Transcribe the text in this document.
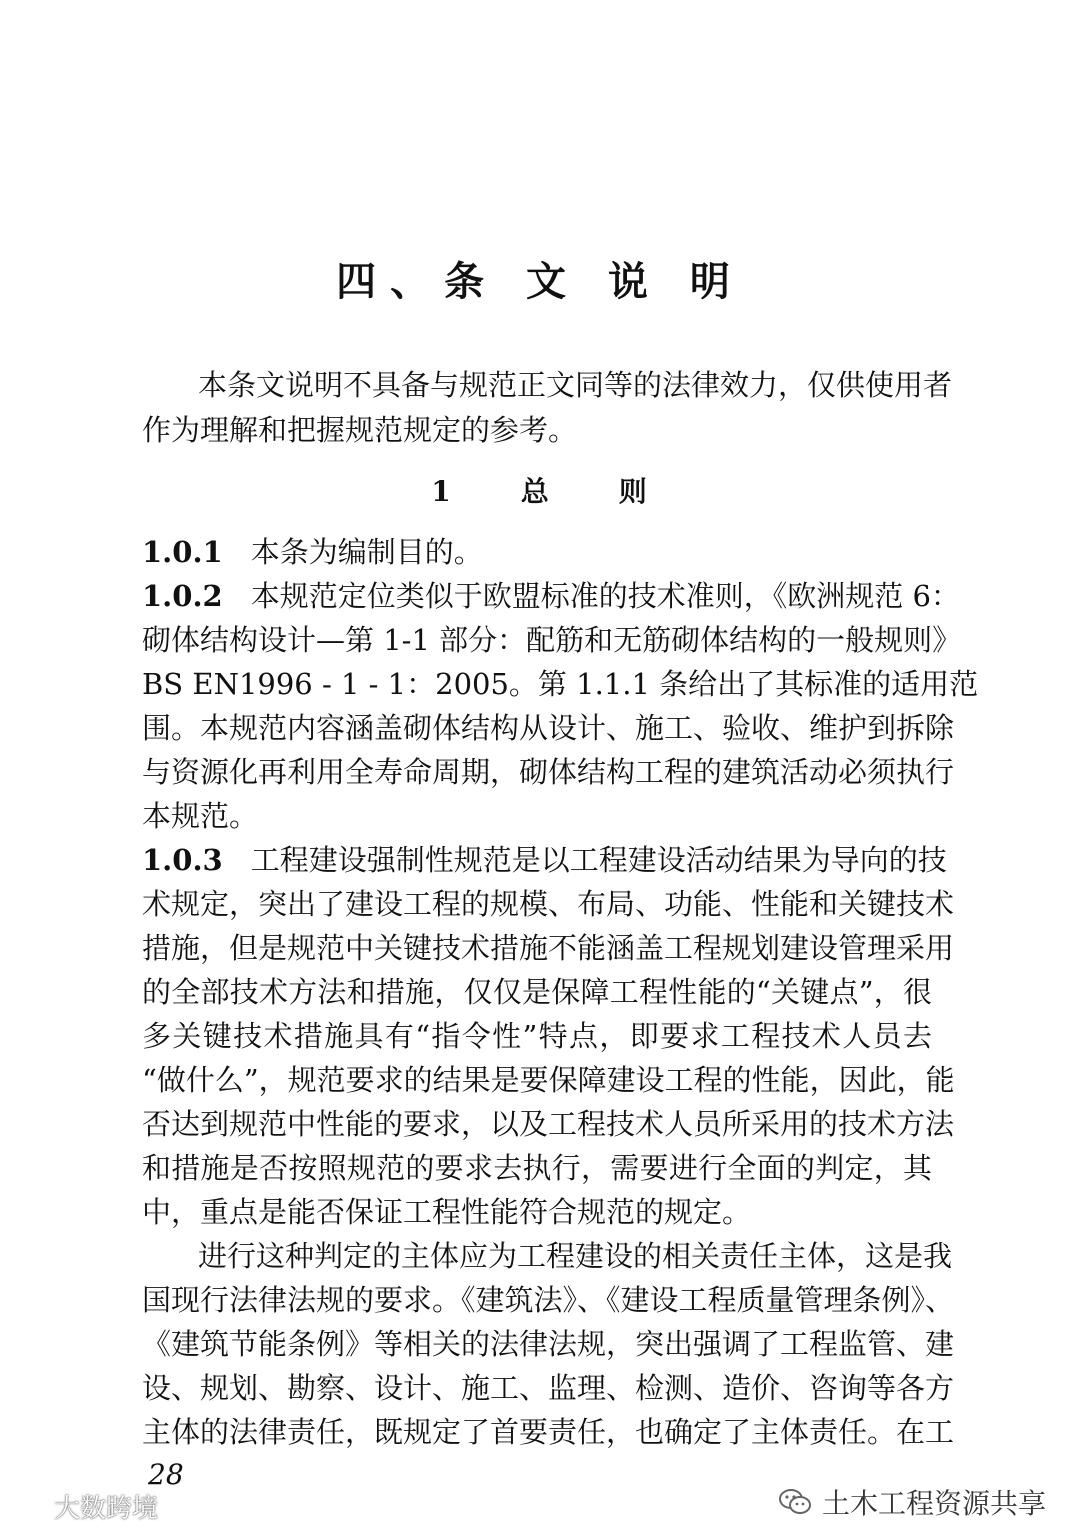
四、条 文 说 明
本条文说明不具备与规范正文同等的法律效力，仅供使用者
作为理解和把握规范规定的参考。
1 总 则
1.0.1 本条为编制目的。
1.0.2 本规范定位类似于欧盟标准的技术准则，《欧洲规范 6：
砌体结构设计—第 1-1 部分：配筋和无筋砌体结构的一般规则》
BS EN1996 - 1 - 1：2005。第 1.1.1 条给出了其标准的适用范
围。本规范内容涵盖砌体结构从设计、施工、验收、维护到拆除
与资源化再利用全寿命周期，砌体结构工程的建筑活动必须执行
本规范。
1.0.3 工程建设强制性规范是以工程建设活动结果为导向的技
术规定，突出了建设工程的规模、布局、功能、性能和关键技术
措施，但是规范中关键技术措施不能涵盖工程规划建设管理采用
的全部技术方法和措施，仅仅是保障工程性能的“关键点”，很
多关键技术措施具有“指令性”特点，即要求工程技术人员去
“做什么”，规范要求的结果是要保障建设工程的性能，因此，能
否达到规范中性能的要求，以及工程技术人员所采用的技术方法
和措施是否按照规范的要求去执行，需要进行全面的判定，其
中，重点是能否保证工程性能符合规范的规定。
进行这种判定的主体应为工程建设的相关责任主体，这是我
国现行法律法规的要求。《建筑法》、《建设工程质量管理条例》、
《建筑节能条例》等相关的法律法规，突出强调了工程监管、建
设、规划、勘察、设计、施工、监理、检测、造价、咨询等各方
主体的法律责任，既规定了首要责任，也确定了主体责任。在工
28
土木工程资源共享
大数跨境
